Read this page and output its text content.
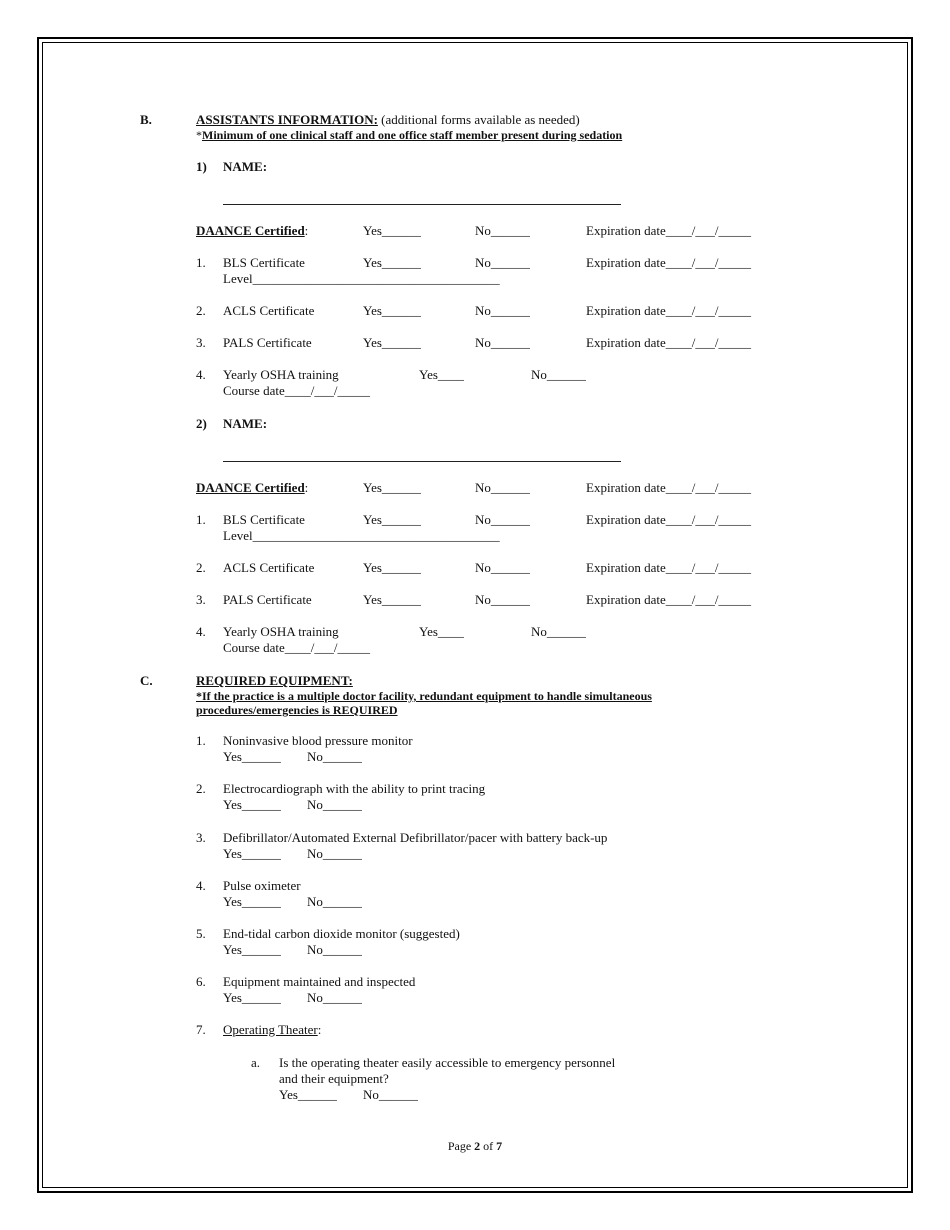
B.	ASSISTANTS INFORMATION: (additional forms available as needed)
*Minimum of one clinical staff and one office staff member present during sedation
1) NAME:
DAANCE Certified:	Yes______	No______	Expiration date____/___/_____
1. BLS Certificate	Yes______	No______	Expiration date____/___/_____
Level______________________________________
2. ACLS Certificate	Yes______	No______	Expiration date____/___/_____
3. PALS Certificate	Yes______	No______	Expiration date____/___/_____
4. Yearly OSHA training	Yes____	No______
Course date____/___/_____
2) NAME:
DAANCE Certified:	Yes______	No______	Expiration date____/___/_____
1. BLS Certificate	Yes______	No______	Expiration date____/___/_____
Level______________________________________
2. ACLS Certificate	Yes______	No______	Expiration date____/___/_____
3. PALS Certificate	Yes______	No______	Expiration date____/___/_____
4. Yearly OSHA training	Yes____	No______
Course date____/___/_____
C.	REQUIRED EQUIPMENT:
*If the practice is a multiple doctor facility, redundant equipment to handle simultaneous
procedures/emergencies is REQUIRED
1. Noninvasive blood pressure monitor
Yes______ No______
2. Electrocardiograph with the ability to print tracing
Yes______ No______
3. Defibrillator/Automated External Defibrillator/pacer with battery back-up
Yes______ No______
4. Pulse oximeter
Yes______ No______
5. End-tidal carbon dioxide monitor (suggested)
Yes______ No______
6. Equipment maintained and inspected
Yes______ No______
7. Operating Theater:
a. Is the operating theater easily accessible to emergency personnel
and their equipment?
Yes______ No______
Page 2 of 7
